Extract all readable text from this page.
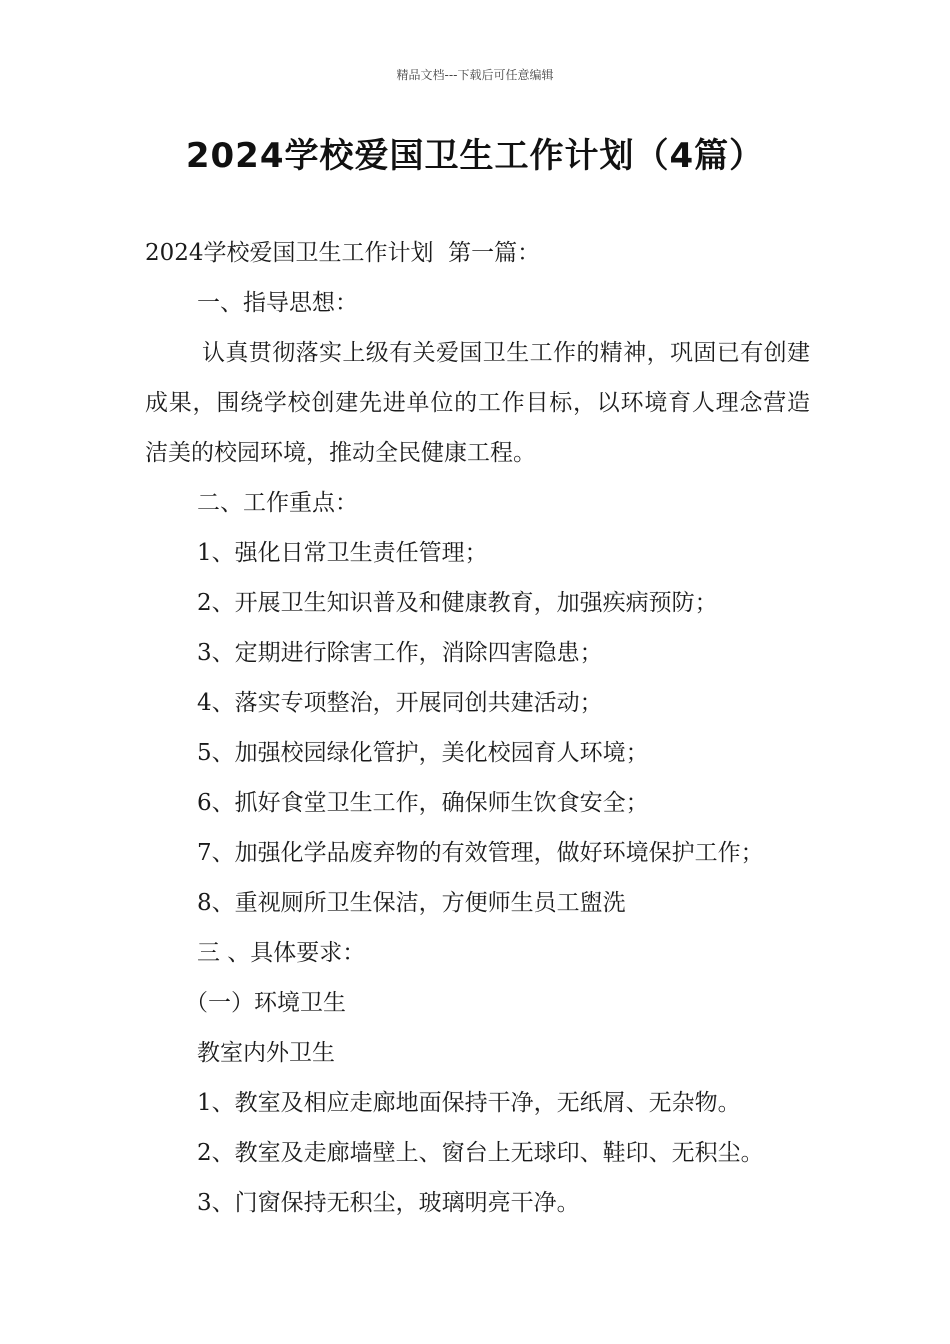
精品文档---下载后可任意编辑
2024学校爱国卫生工作计划（4篇）
2024学校爱国卫生工作计划  第一篇：
一、指导思想：

认真贯彻落实上级有关爱国卫生工作的精神，巩固已有创建成果，围绕学校创建先进单位的工作目标，以环境育人理念营造洁美的校园环境，推动全民健康工程。

二、工作重点：
1、强化日常卫生责任管理；
2、开展卫生知识普及和健康教育，加强疾病预防；
3、定期进行除害工作，消除四害隐患；
4、落实专项整治，开展同创共建活动；
5、加强校园绿化管护，美化校园育人环境；
6、抓好食堂卫生工作，确保师生饮食安全；
7、加强化学品废弃物的有效管理，做好环境保护工作；
8、重视厕所卫生保洁，方便师生员工盥洗
三 、具体要求：
（一）环境卫生
教室内外卫生
1、教室及相应走廊地面保持干净，无纸屑、无杂物。
2、教室及走廊墙壁上、窗台上无球印、鞋印、无积尘。
3、门窗保持无积尘，玻璃明亮干净。
